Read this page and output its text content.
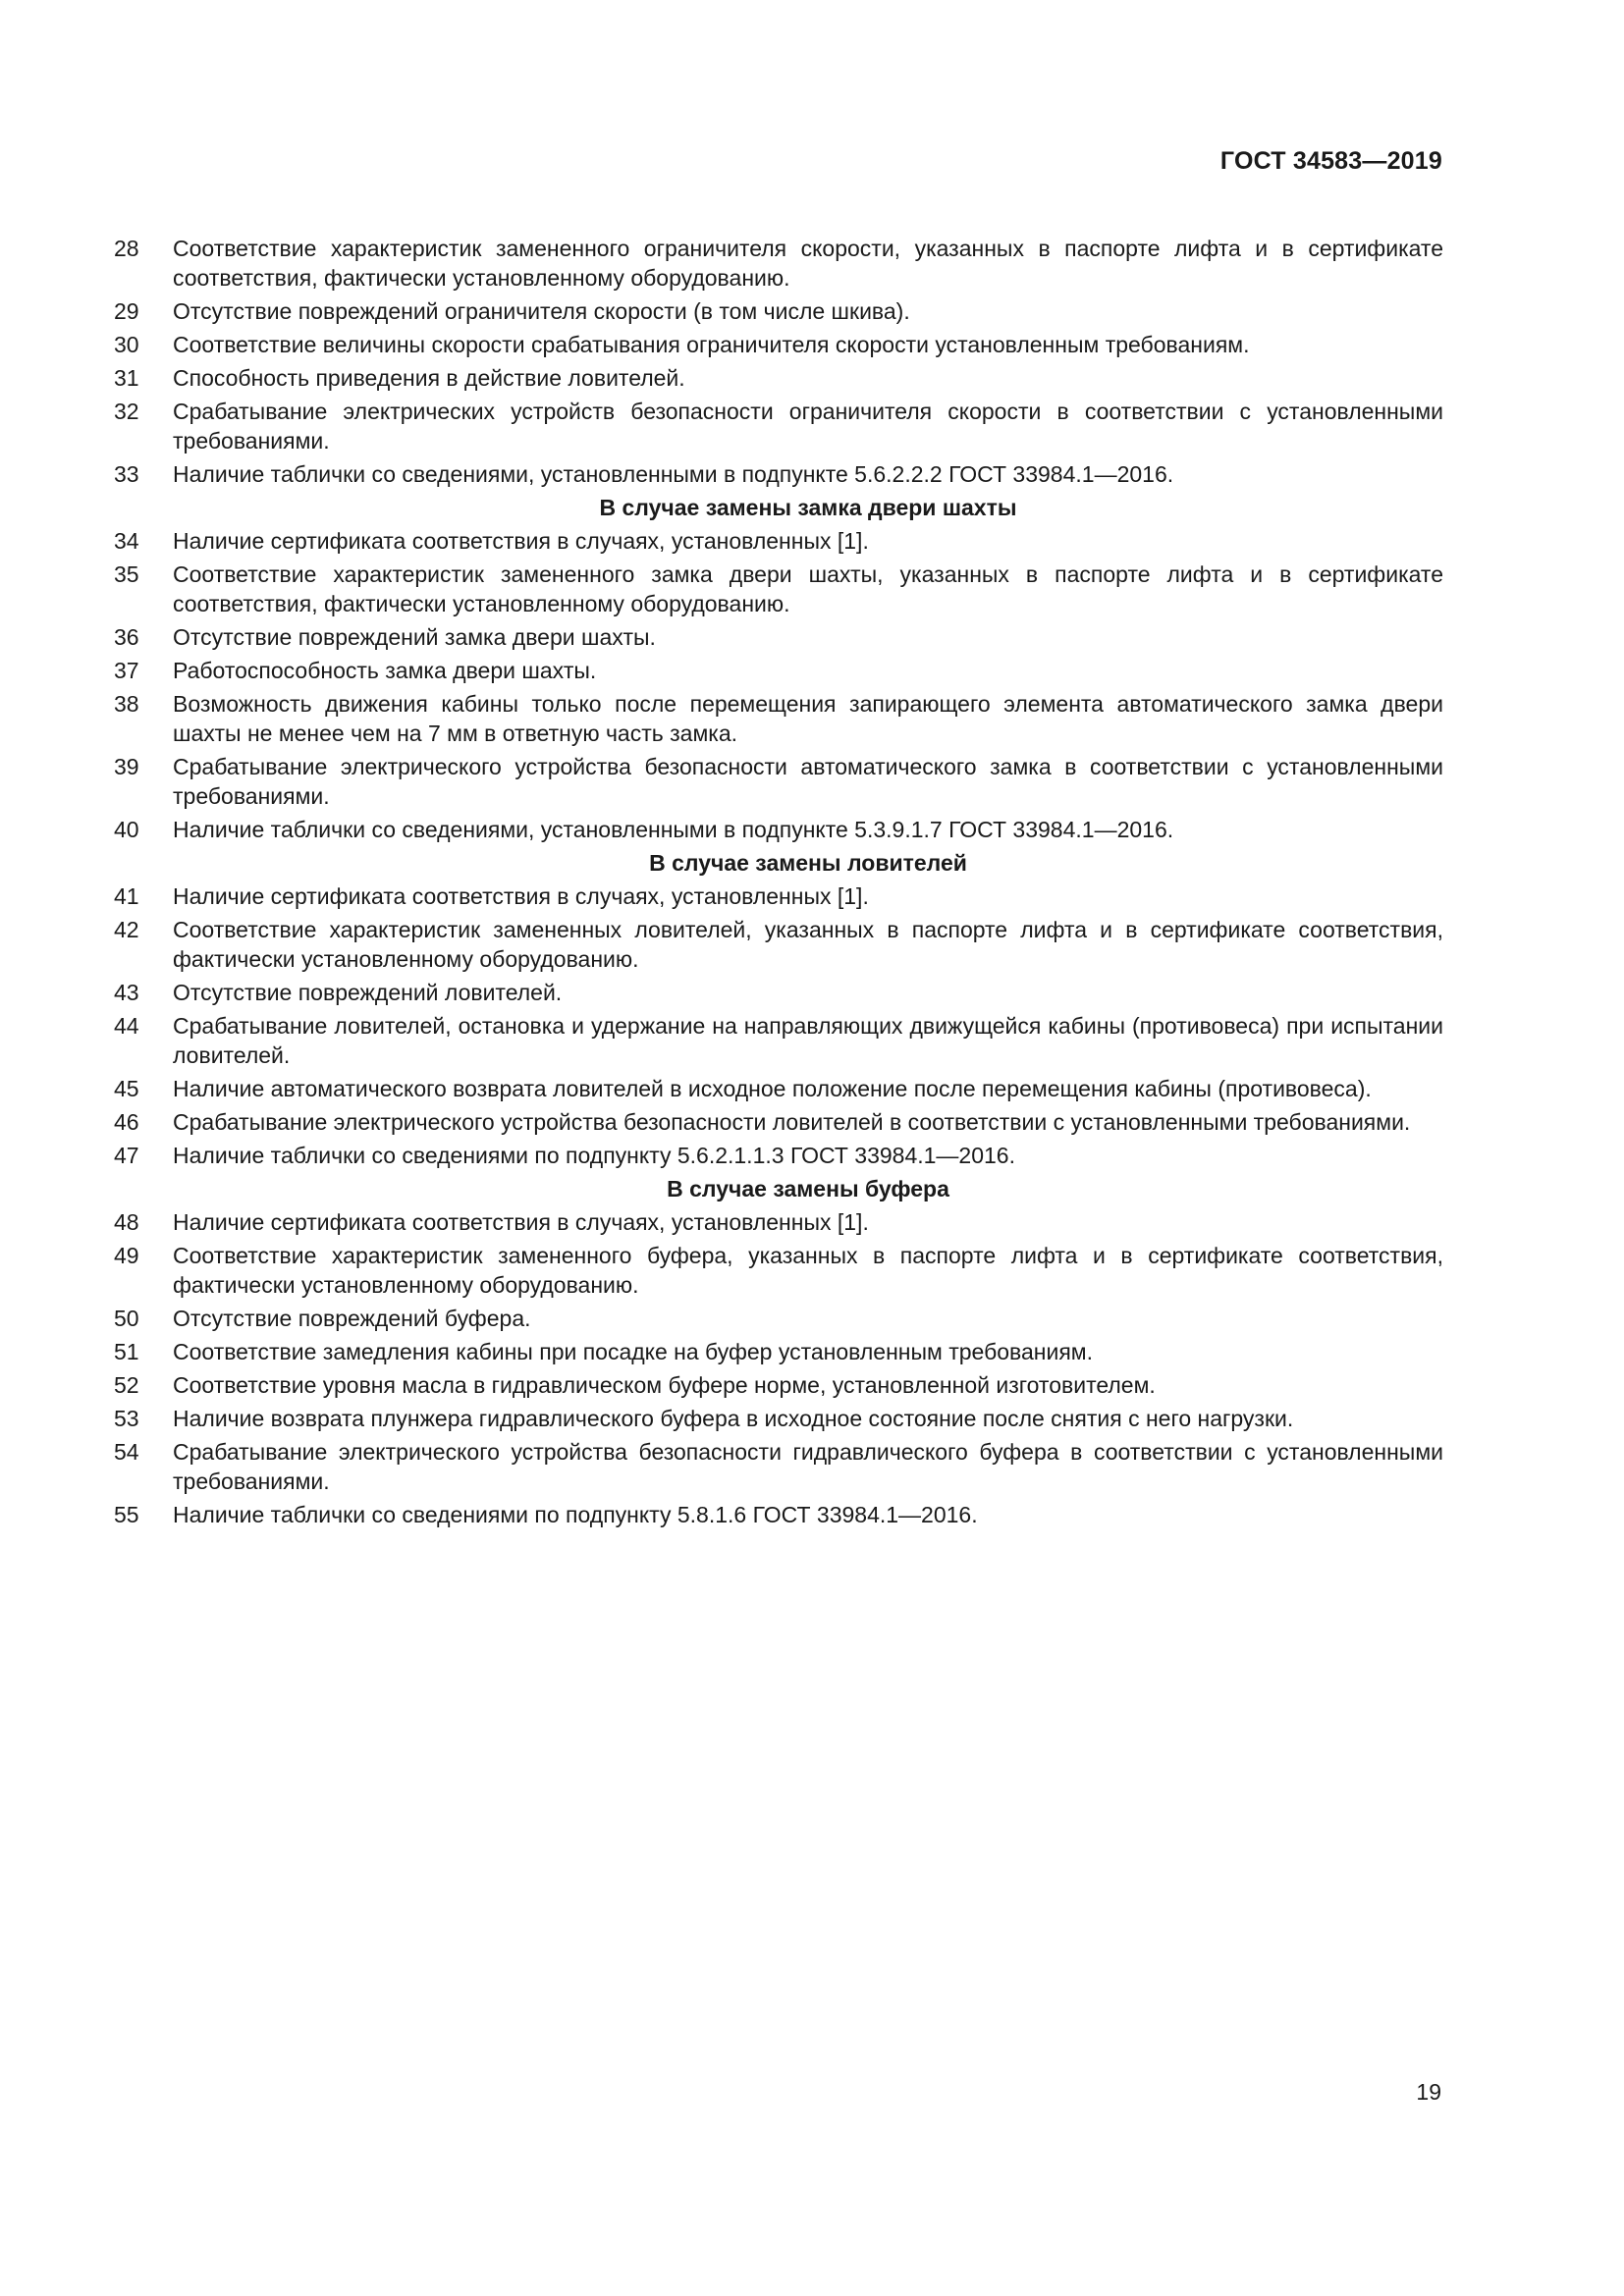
ГОСТ 34583—2019
28	Соответствие характеристик замененного ограничителя скорости, указанных в паспорте лифта и в сертификате соответствия, фактически установленному оборудованию.
29	Отсутствие повреждений ограничителя скорости (в том числе шкива).
30	Соответствие величины скорости срабатывания ограничителя скорости установленным требованиям.
31	Способность приведения в действие ловителей.
32	Срабатывание электрических устройств безопасности ограничителя скорости в соответствии с установленными требованиями.
33	Наличие таблички со сведениями, установленными в подпункте 5.6.2.2.2 ГОСТ 33984.1—2016.
В случае замены замка двери шахты
34	Наличие сертификата соответствия в случаях, установленных [1].
35	Соответствие характеристик замененного замка двери шахты, указанных в паспорте лифта и в сертификате соответствия, фактически установленному оборудованию.
36	Отсутствие повреждений замка двери шахты.
37	Работоспособность замка двери шахты.
38	Возможность движения кабины только после перемещения запирающего элемента автоматического замка двери шахты не менее чем на 7 мм в ответную часть замка.
39	Срабатывание электрического устройства безопасности автоматического замка в соответствии с установленными требованиями.
40	Наличие таблички со сведениями, установленными в подпункте 5.3.9.1.7 ГОСТ 33984.1—2016.
В случае замены ловителей
41	Наличие сертификата соответствия в случаях, установленных [1].
42	Соответствие характеристик замененных ловителей, указанных в паспорте лифта и в сертификате соответствия, фактически установленному оборудованию.
43	Отсутствие повреждений ловителей.
44	Срабатывание ловителей, остановка и удержание на направляющих движущейся кабины (противовеса) при испытании ловителей.
45	Наличие автоматического возврата ловителей в исходное положение после перемещения кабины (противовеса).
46	Срабатывание электрического устройства безопасности ловителей в соответствии с установленными требованиями.
47	Наличие таблички со сведениями по подпункту 5.6.2.1.1.3 ГОСТ 33984.1—2016.
В случае замены буфера
48	Наличие сертификата соответствия в случаях, установленных [1].
49	Соответствие характеристик замененного буфера, указанных в паспорте лифта и в сертификате соответствия, фактически установленному оборудованию.
50	Отсутствие повреждений буфера.
51	Соответствие замедления кабины при посадке на буфер установленным требованиям.
52	Соответствие уровня масла в гидравлическом буфере норме, установленной изготовителем.
53	Наличие возврата плунжера гидравлического буфера в исходное состояние после снятия с него нагрузки.
54	Срабатывание электрического устройства безопасности гидравлического буфера в соответствии с установленными требованиями.
55	Наличие таблички со сведениями по подпункту 5.8.1.6 ГОСТ 33984.1—2016.
19
